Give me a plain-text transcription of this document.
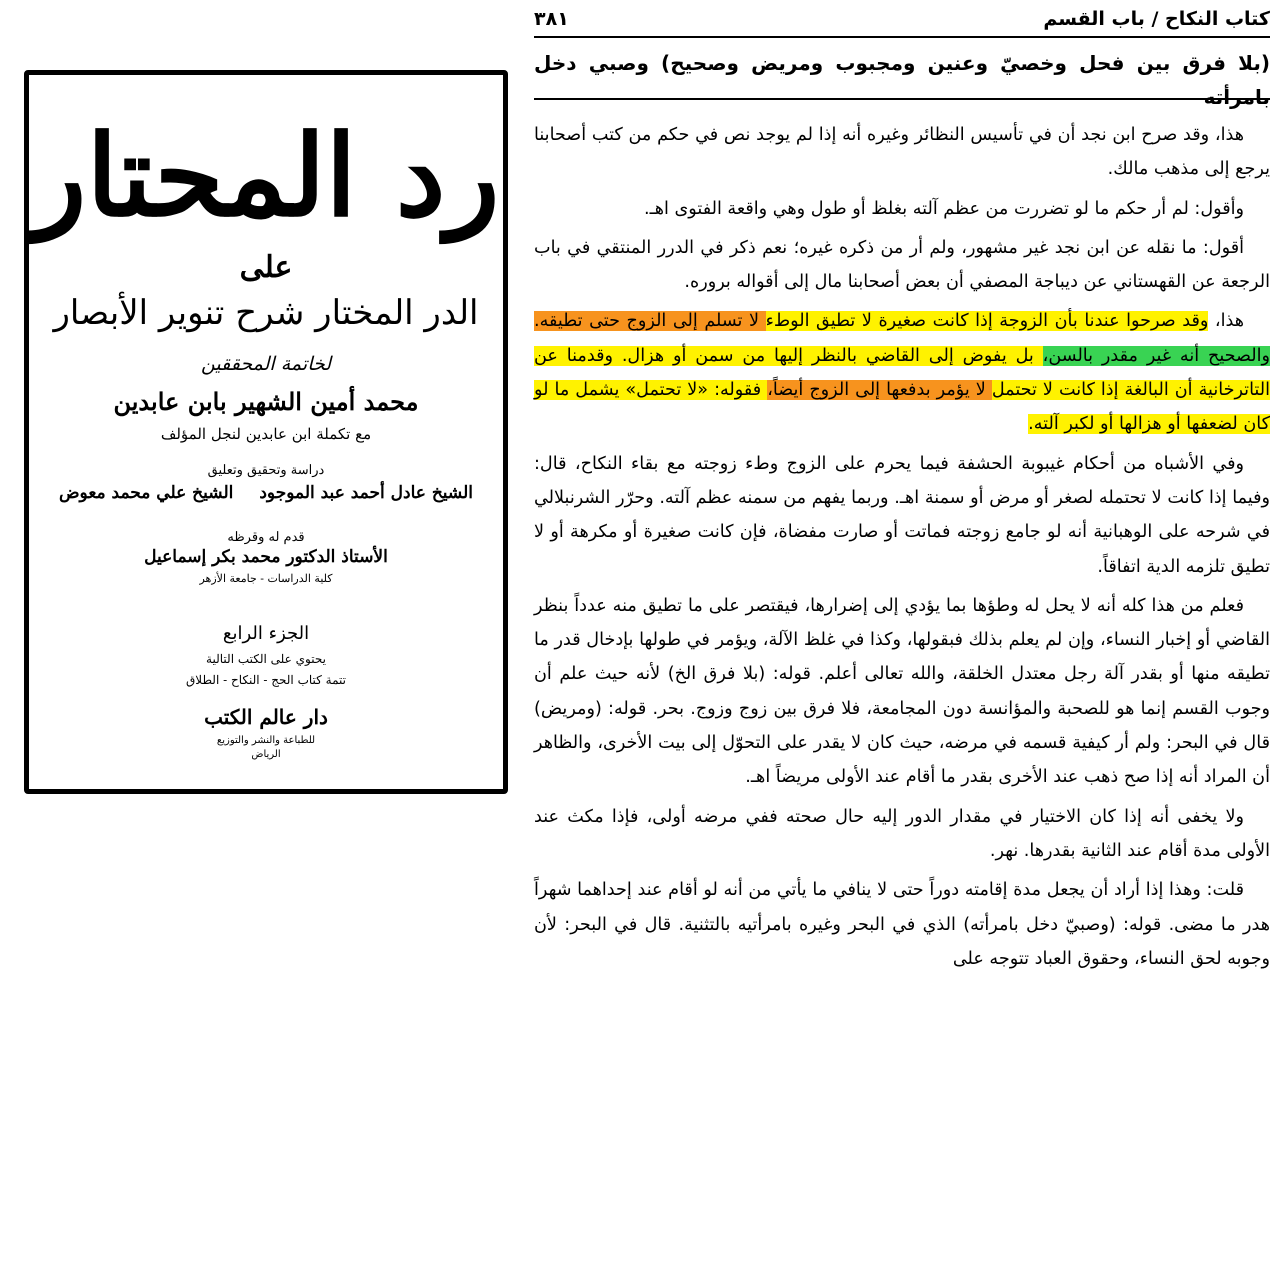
رد المحتار
على
الدر المختار شرح تنوير الأبصار
لخاتمة المحققين
محمد أمين الشهير بابن عابدين
مع تكملة ابن عابدين لنجل المؤلف
دراسة وتحقيق وتعليق
الشيخ عادل أحمد عبد الموجود
الشيخ علي محمد معوض
قدم له وقرظه
الأستاذ الدكتور محمد بكر إسماعيل
كلية الدراسات - جامعة الأزهر
الجزء الرابع
يحتوي على الكتب التالية
تتمة كتاب الحج - النكاح - الطلاق
دار عالم الكتب
للطباعة والنشر والتوزيع
الرياض
كتاب النكاح / باب القسم
٣٨١
(بلا فرق بين فحل وخصيّ وعنين ومجبوب ومريض وصحيح) وصبي دخل بامرأته

هذا، وقد صرح ابن نجد أن في تأسيس النظائر وغيره أنه إذا لم يوجد نص في حكم من كتب أصحابنا يرجع إلى مذهب مالك.

وأقول: لم أر حكم ما لو تضررت من عظم آلته بغلظ أو طول وهي واقعة الفتوى اهـ.

أقول: ما نقله عن ابن نجد غير مشهور، ولم أر من ذكره غيره؛ نعم ذكر في الدرر المنتقي في باب الرجعة عن القهستاني عن ديباجة المصفي أن بعض أصحابنا مال إلى أقواله بروره.

هذا، وقد صرحوا عندنا بأن الزوجة إذا كانت صغيرة لا تطيق الوطء لا تسلم إلى الزوج حتى تطيقه. والصحيح أنه غير مقدر بالسن، بل يفوض إلى القاضي بالنظر إليها من سمن أو هزال. وقدمنا عن التاترخانية أن البالغة إذا كانت لا تحتمل لا يؤمر بدفعها إلى الزوج أيضاً، فقوله: «لا تحتمل» يشمل ما لو كان لضعفها أو هزالها أو لكبر آلته.

وفي الأشباه من أحكام غيبوبة الحشفة فيما يحرم على الزوج وطء زوجته مع بقاء النكاح، قال: وفيما إذا كانت لا تحتمله لصغر أو مرض أو سمنة اهـ. وربما يفهم من سمنه عظم آلته. وحرّر الشرنبلالي في شرحه على الوهبانية أنه لو جامع زوجته فماتت أو صارت مفضاة، فإن كانت صغيرة أو مكرهة أو لا تطيق تلزمه الدية اتفاقاً.

فعلم من هذا كله أنه لا يحل له وطؤها بما يؤدي إلى إضرارها، فيقتصر على ما تطيق منه عدداً بنظر القاضي أو إخبار النساء، وإن لم يعلم بذلك فبقولها، وكذا في غلظ الآلة، ويؤمر في طولها بإدخال قدر ما تطيقه منها أو بقدر آلة رجل معتدل الخلقة، والله تعالى أعلم. قوله: (بلا فرق الخ) لأنه حيث علم أن وجوب القسم إنما هو للصحبة والمؤانسة دون المجامعة، فلا فرق بين زوج وزوج. بحر. قوله: (ومريض) قال في البحر: ولم أر كيفية قسمه في مرضه، حيث كان لا يقدر على التحوّل إلى بيت الأخرى، والظاهر أن المراد أنه إذا صح ذهب عند الأخرى بقدر ما أقام عند الأولى مريضاً اهـ.

ولا يخفى أنه إذا كان الاختيار في مقدار الدور إليه حال صحته ففي مرضه أولى، فإذا مكث عند الأولى مدة أقام عند الثانية بقدرها. نهر.

قلت: وهذا إذا أراد أن يجعل مدة إقامته دوراً حتى لا ينافي ما يأتي من أنه لو أقام عند إحداهما شهراً هدر ما مضى. قوله: (وصبيّ دخل بامرأته) الذي في البحر وغيره بامرأتيه بالتثنية. قال في البحر: لأن وجوبه لحق النساء، وحقوق العباد تتوجه على
